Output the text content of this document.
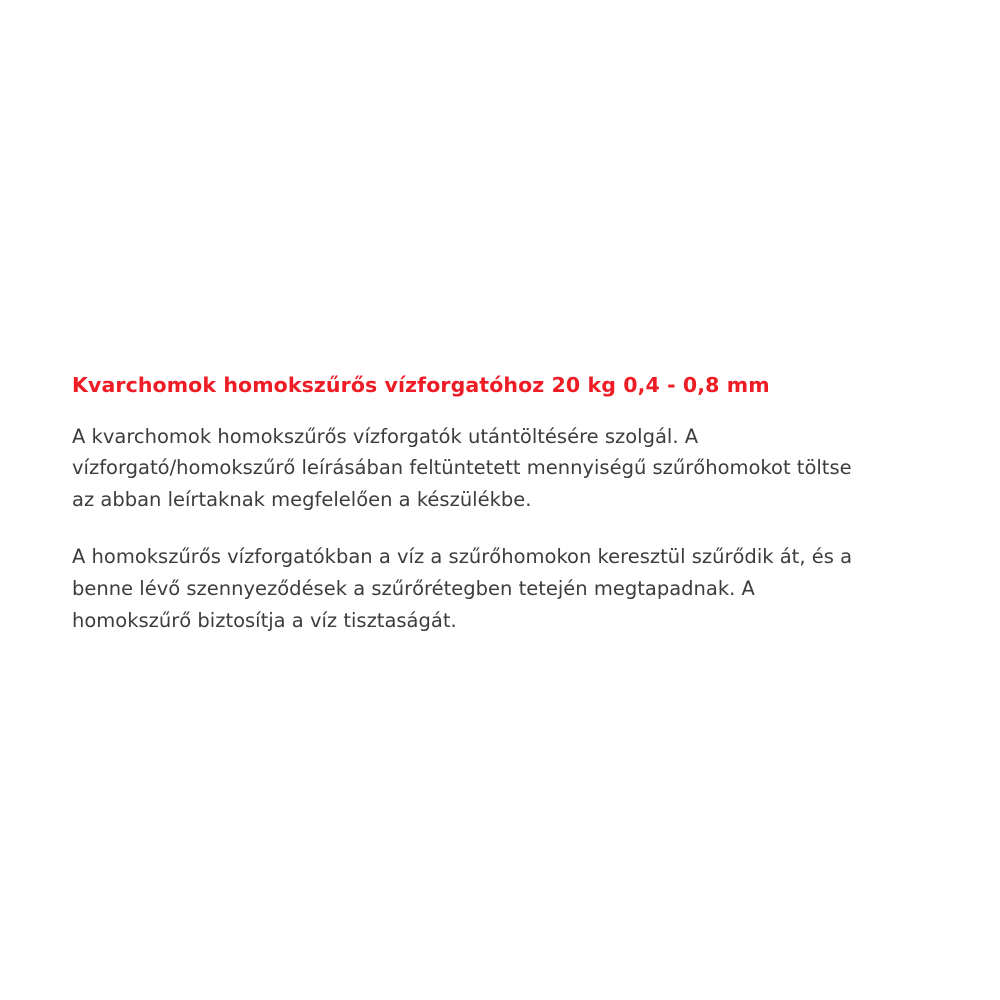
Kvarchomok homokszűrős vízforgatóhoz 20 kg 0,4 - 0,8 mm

A kvarchomok homokszűrős vízforgatók utántöltésére szolgál. A vízforgató/homokszűrő leírásában feltüntetett mennyiségű szűrőhomokot töltse az abban leírtaknak megfelelően a készülékbe.

A homokszűrős vízforgatókban a víz a szűrőhomokon keresztül szűrődik át, és a benne lévő szennyeződések a szűrőrétegben tetején megtapadnak. A homokszűrő biztosítja a víz tisztaságát.
